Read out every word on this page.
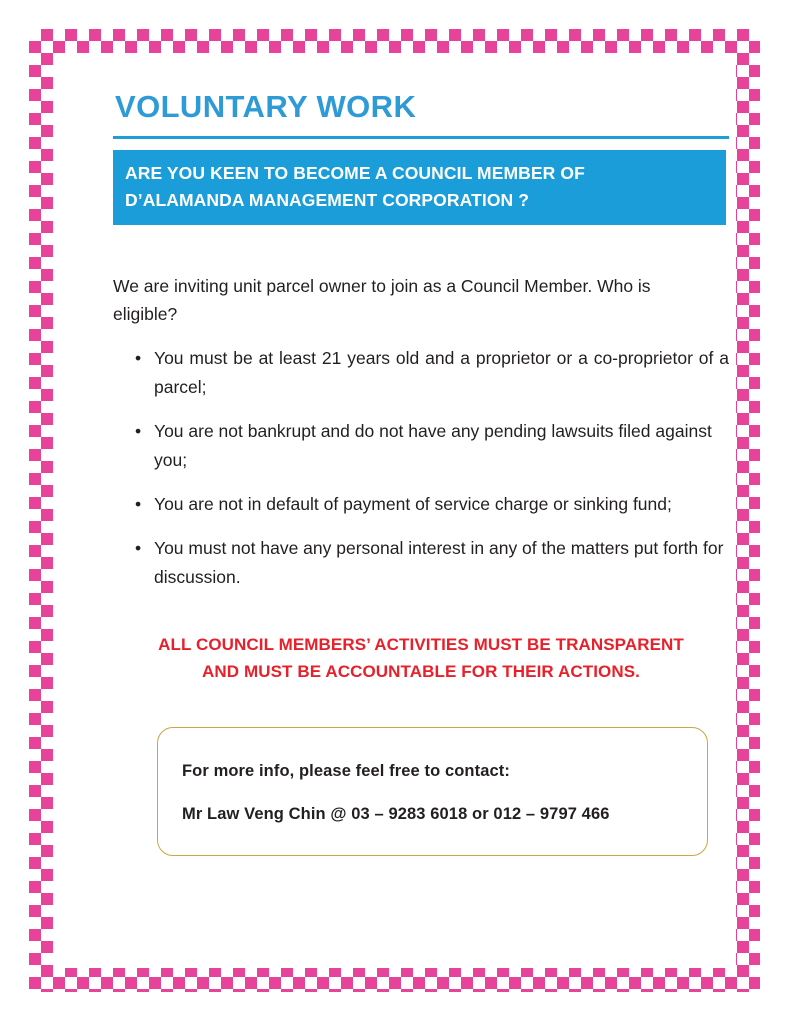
VOLUNTARY WORK
ARE YOU KEEN TO BECOME A COUNCIL MEMBER OF
D’ALAMANDA MANAGEMENT CORPORATION ?

We are inviting unit parcel owner to join as a Council Member. Who is eligible?

• You must be at least 21 years old and a proprietor or a co-proprietor of a parcel;
• You are not bankrupt and do not have any pending lawsuits filed against you;
• You are not in default of payment of service charge or sinking fund;
• You must not have any personal interest in any of the matters put forth for discussion.
ALL COUNCIL MEMBERS’ ACTIVITIES MUST BE TRANSPARENT
AND MUST BE ACCOUNTABLE FOR THEIR ACTIONS.
For more info, please feel free to contact:
Mr Law Veng Chin @ 03 – 9283 6018 or 012 – 9797 466
